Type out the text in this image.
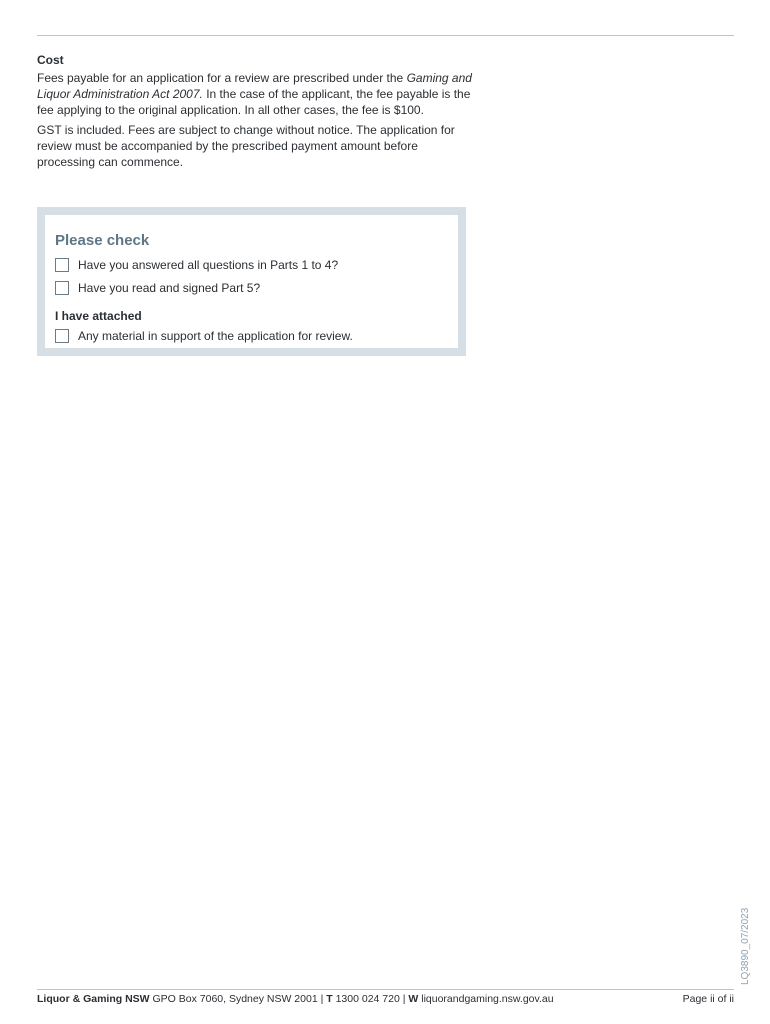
Cost

Fees payable for an application for a review are prescribed under the Gaming and Liquor Administration Act 2007. In the case of the applicant, the fee payable is the fee applying to the original application. In all other cases, the fee is $100.

GST is included. Fees are subject to change without notice. The application for review must be accompanied by the prescribed payment amount before processing can commence.

Please check
Have you answered all questions in Parts 1 to 4?
Have you read and signed Part 5?
I have attached
Any material in support of the application for review.
LQ3890_07/2023
Liquor & Gaming NSW GPO Box 7060, Sydney NSW 2001 | T 1300 024 720 | W liquorandgaming.nsw.gov.au	Page ii of ii
